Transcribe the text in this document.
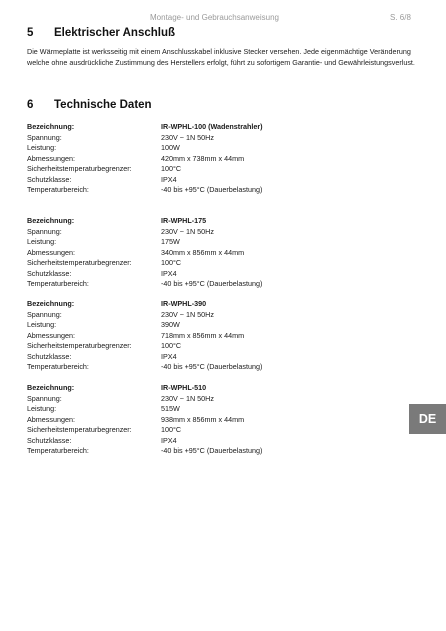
Montage- und Gebrauchsanweisung	S. 6/8
5 Elektrischer Anschluß
Die Wärmeplatte ist werksseitig mit einem Anschlusskabel inklusive Stecker versehen. Jede eigenmächtige Veränderung welche ohne ausdrückliche Zustimmung des Herstellers erfolgt, führt zu sofortigem Garantie- und Gewährleistungsverlust.
6 Technische Daten
Bezeichnung:	IR-WPHL-100 (Wadenstrahler)
Spannung:	230V ~ 1N 50Hz
Leistung:	100W
Abmessungen:	420mm x 738mm x 44mm
Sicherheitstemperaturbegrenzer:	100°C
Schutzklasse:	IPX4
Temperaturbereich:	-40 bis +95°C (Dauerbelastung)
Bezeichnung:	IR-WPHL-175
Spannung:	230V ~ 1N 50Hz
Leistung:	175W
Abmessungen:	340mm x 856mm x 44mm
Sicherheitstemperaturbegrenzer:	100°C
Schutzklasse:	IPX4
Temperaturbereich:	-40 bis +95°C (Dauerbelastung)
Bezeichnung:	IR-WPHL-390
Spannung:	230V ~ 1N 50Hz
Leistung:	390W
Abmessungen:	718mm x 856mm x 44mm
Sicherheitstemperaturbegrenzer:	100°C
Schutzklasse:	IPX4
Temperaturbereich:	-40 bis +95°C (Dauerbelastung)
Bezeichnung:	IR-WPHL-510
Spannung:	230V ~ 1N 50Hz
Leistung:	515W
Abmessungen:	938mm x 856mm x 44mm
Sicherheitstemperaturbegrenzer:	100°C
Schutzklasse:	IPX4
Temperaturbereich:	-40 bis +95°C (Dauerbelastung)
DE
